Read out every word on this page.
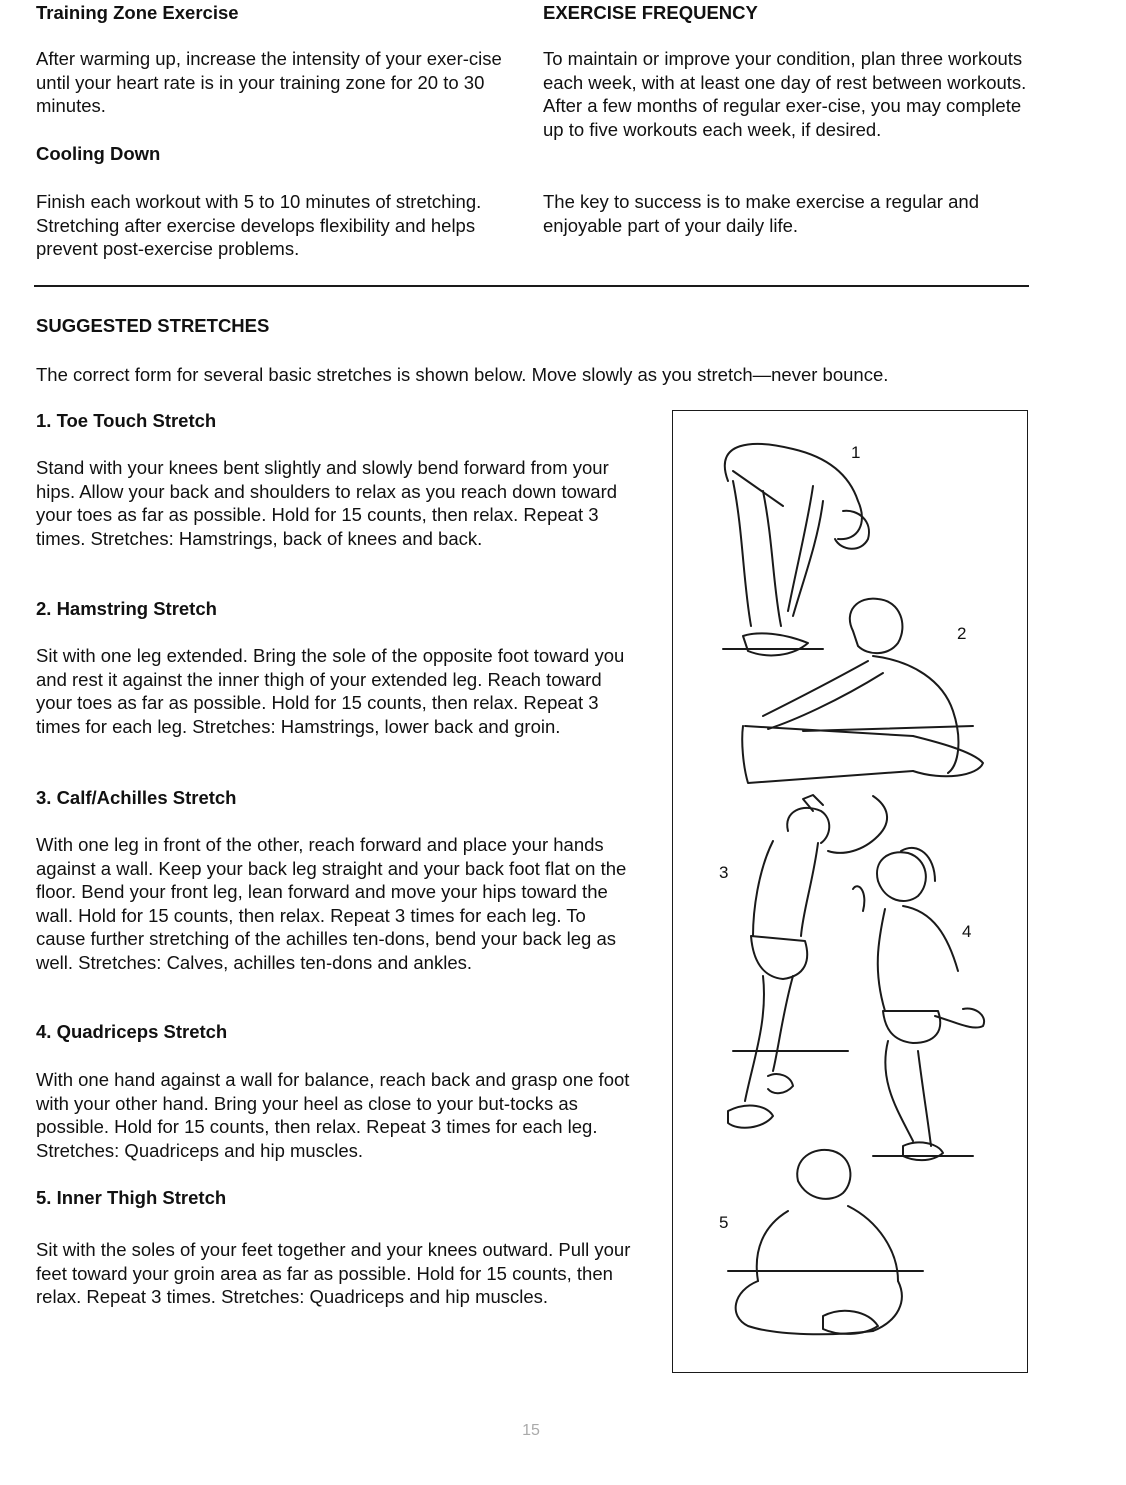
Training Zone Exercise

After warming up, increase the intensity of your exer-cise until your heart rate is in your training zone for 20 to 30 minutes.

Cooling Down

Finish each workout with 5 to 10 minutes of stretching. Stretching after exercise develops flexibility and helps prevent post-exercise problems.

EXERCISE FREQUENCY

To maintain or improve your condition, plan three workouts each week, with at least one day of rest between workouts. After a few months of regular exer-cise, you may complete up to five workouts each week, if desired.

The key to success is to make exercise a regular and enjoyable part of your daily life.

SUGGESTED STRETCHES

The correct form for several basic stretches is shown below. Move slowly as you stretch—never bounce.

1. Toe Touch Stretch

Stand with your knees bent slightly and slowly bend forward from your hips. Allow your back and shoulders to relax as you reach down toward your toes as far as possible. Hold for 15 counts, then relax. Repeat 3 times. Stretches: Hamstrings, back of knees and back.

2. Hamstring Stretch

Sit with one leg extended. Bring the sole of the opposite foot toward you and rest it against the inner thigh of your extended leg. Reach toward your toes as far as possible. Hold for 15 counts, then relax. Repeat 3 times for each leg. Stretches: Hamstrings, lower back and groin.

3. Calf/Achilles Stretch

With one leg in front of the other, reach forward and place your hands against a wall. Keep your back leg straight and your back foot flat on the floor. Bend your front leg, lean forward and move your hips toward the wall. Hold for 15 counts, then relax. Repeat 3 times for each leg. To cause further stretching of the achilles ten-dons, bend your back leg as well. Stretches: Calves, achilles ten-dons and ankles.

4. Quadriceps Stretch

With one hand against a wall for balance, reach back and grasp one foot with your other hand. Bring your heel as close to your but-tocks as possible. Hold for 15 counts, then relax. Repeat 3 times for each leg. Stretches: Quadriceps and hip muscles.

5. Inner Thigh Stretch

Sit with the soles of your feet together and your knees outward. Pull your feet toward your groin area as far as possible. Hold for 15 counts, then relax. Repeat 3 times. Stretches: Quadriceps and hip muscles.

1
2
3
4
5
15
